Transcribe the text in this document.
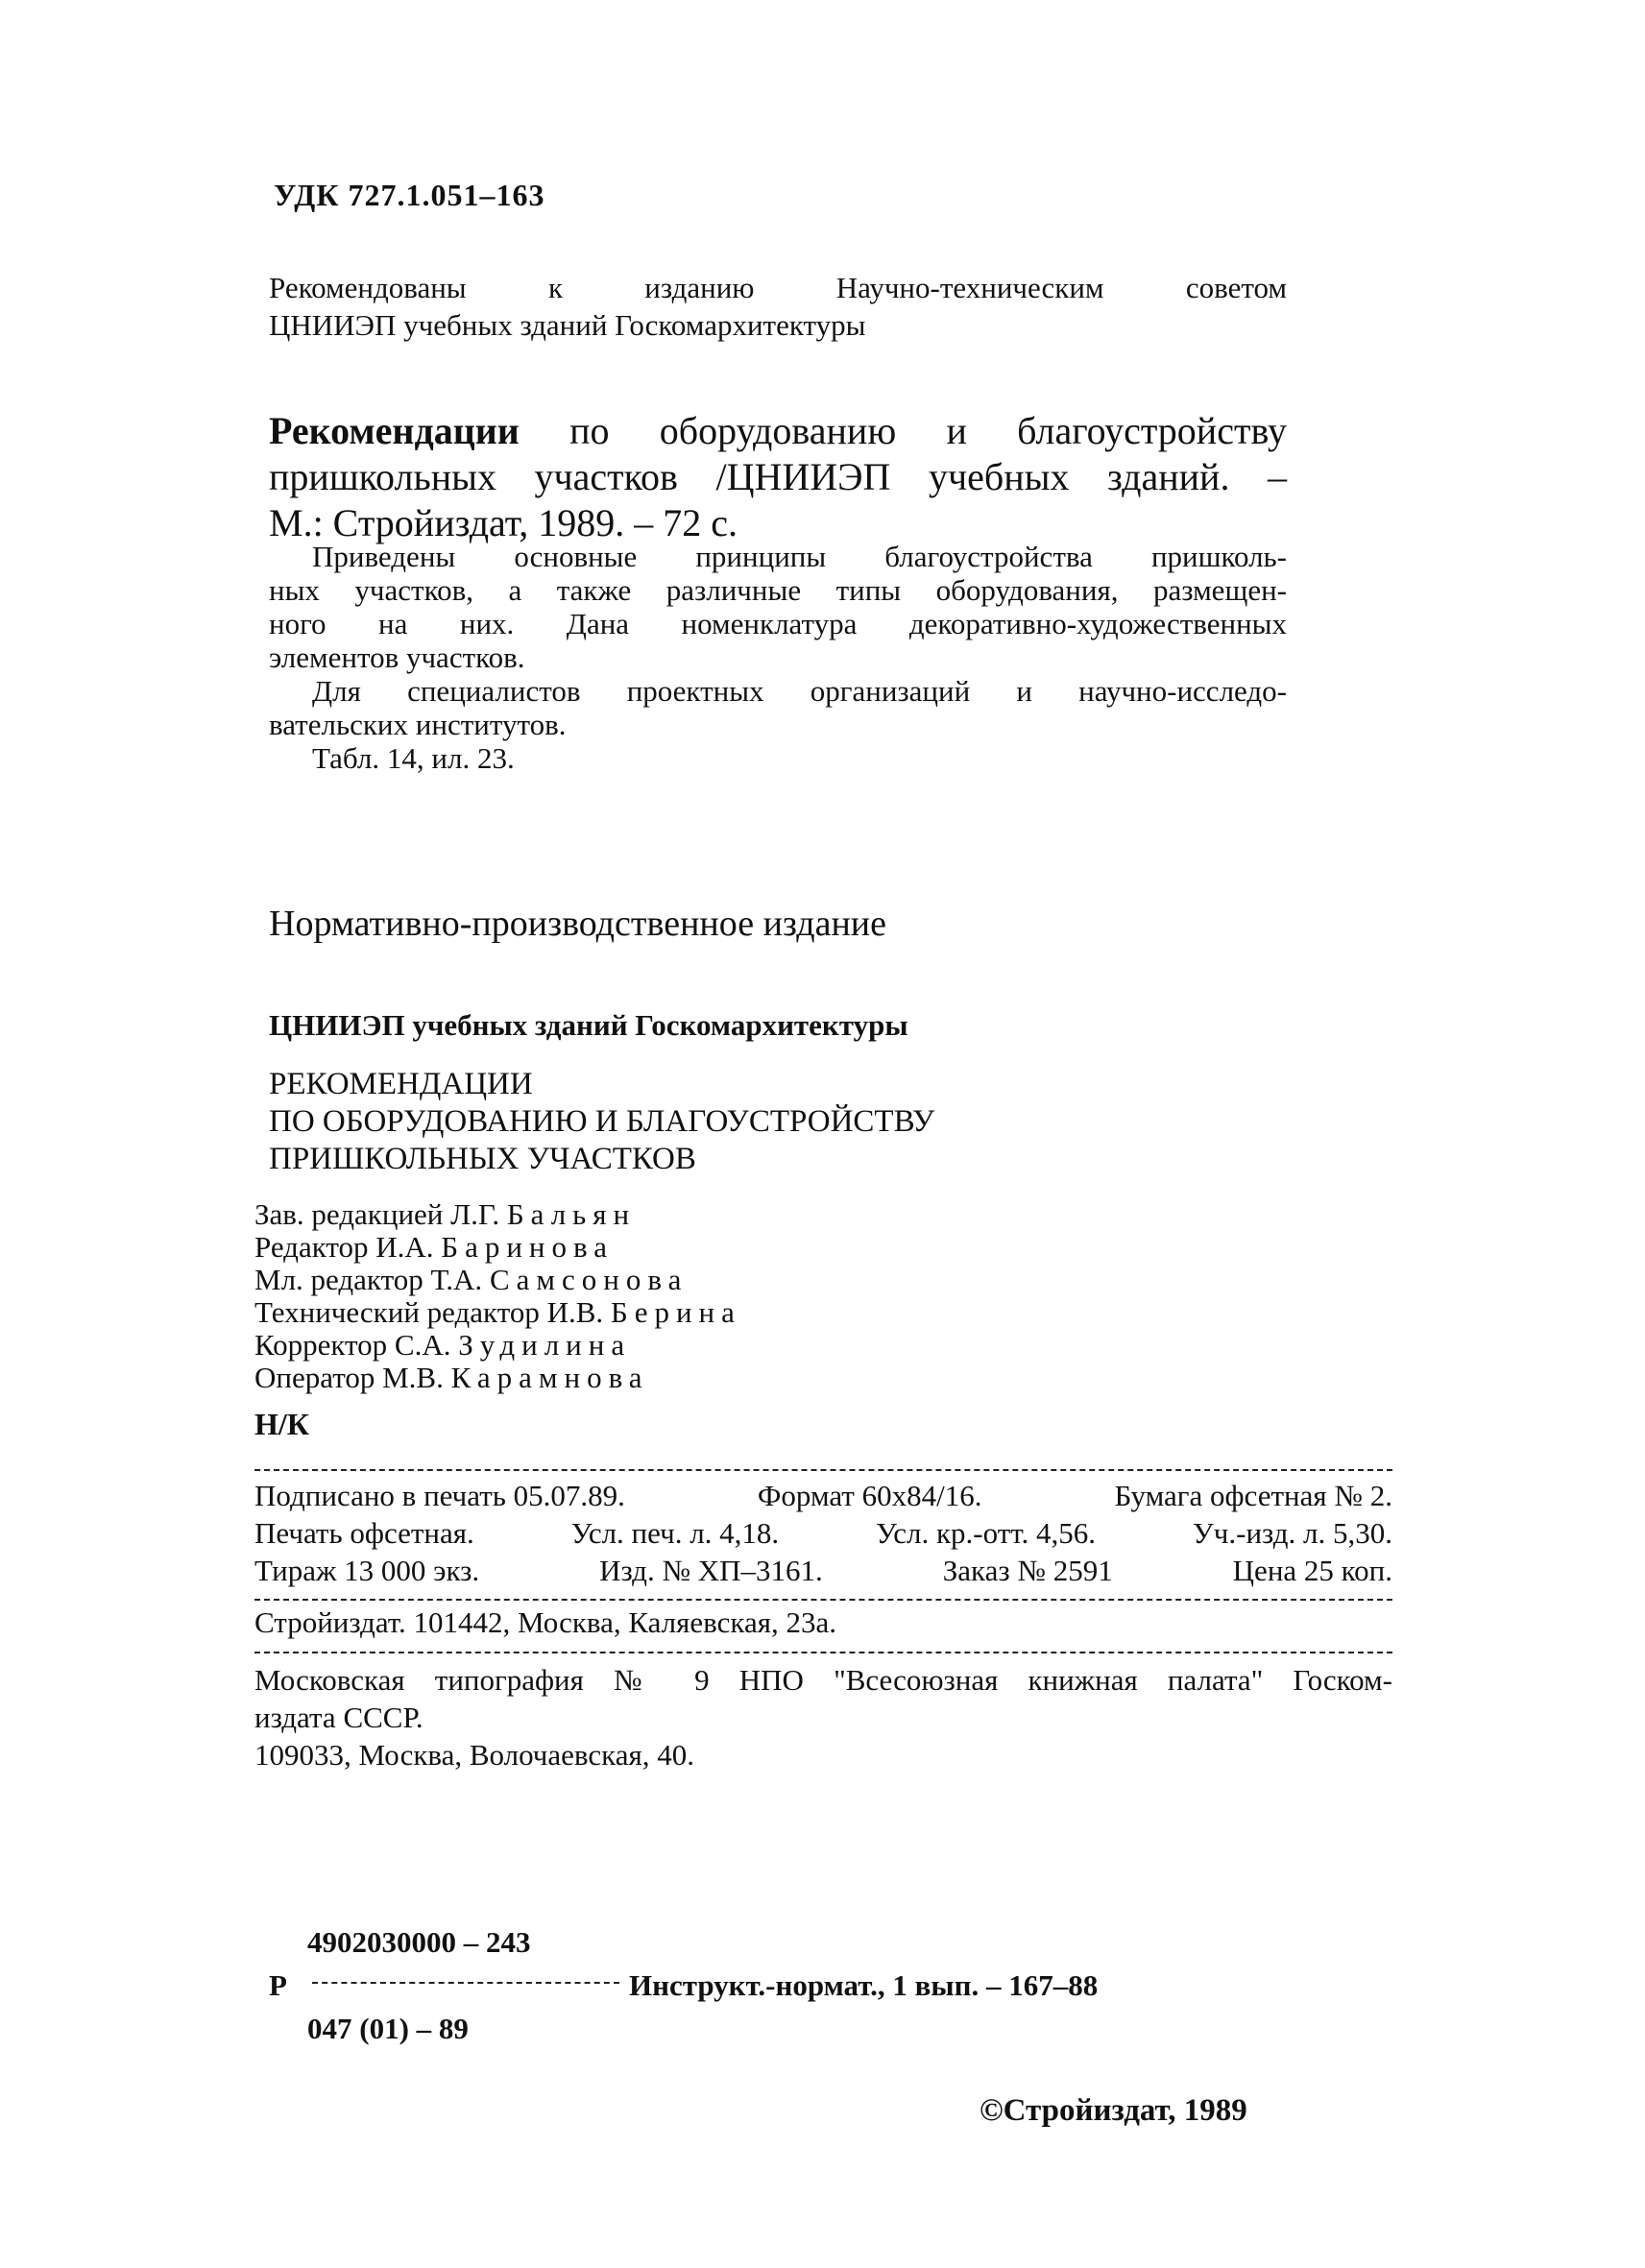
УДК 727.1.051–163
Рекомендованы	к	изданию	Научно-техническим	советом
ЦНИИЭП учебных зданий Госкомархитектуры
Рекомендации по оборудованию и благоустройству
пришкольных участков /ЦНИИЭП учебных зданий. –
М.: Стройиздат, 1989. – 72 с.
Приведены основные принципы благоустройства пришколь-
ных участков, а также различные типы оборудования, размещен-
ного на них. Дана номенклатура декоративно-художественных
элементов участков.
Для специалистов проектных организаций и научно-исследо-
вательских институтов.
Табл. 14, ил. 23.
Нормативно-производственное издание
ЦНИИЭП учебных зданий Госкомархитектуры
РЕКОМЕНДАЦИИ
ПО ОБОРУДОВАНИЮ И БЛАГОУСТРОЙСТВУ
ПРИШКОЛЬНЫХ УЧАСТКОВ
Зав. редакцией Л.Г. Бальян
Редактор И.А. Баринова
Мл. редактор Т.А. Самсонова
Технический редактор И.В. Берина
Корректор С.А. Зудилина
Оператор М.В. Карамнова
Н/К
Подписано в печать 05.07.89.	Формат 60x84/16.	Бумага офсетная № 2.
Печать офсетная.	Усл. печ. л. 4,18.	Усл. кр.-отт. 4,56.	Уч.-изд. л. 5,30.
Тираж 13 000 экз.	Изд. № ХП–3161.	Заказ № 2591	Цена 25 коп.
Стройиздат. 101442, Москва, Каляевская, 23а.
Московская типография № 9 НПО "Всесоюзная книжная палата" Госком-
издата СССР.
109033, Москва, Волочаевская, 40.
4902030000 – 243
Р	Инструкт.-нормат., 1 вып. – 167–88
047 (01) – 89
©Стройиздат, 1989
